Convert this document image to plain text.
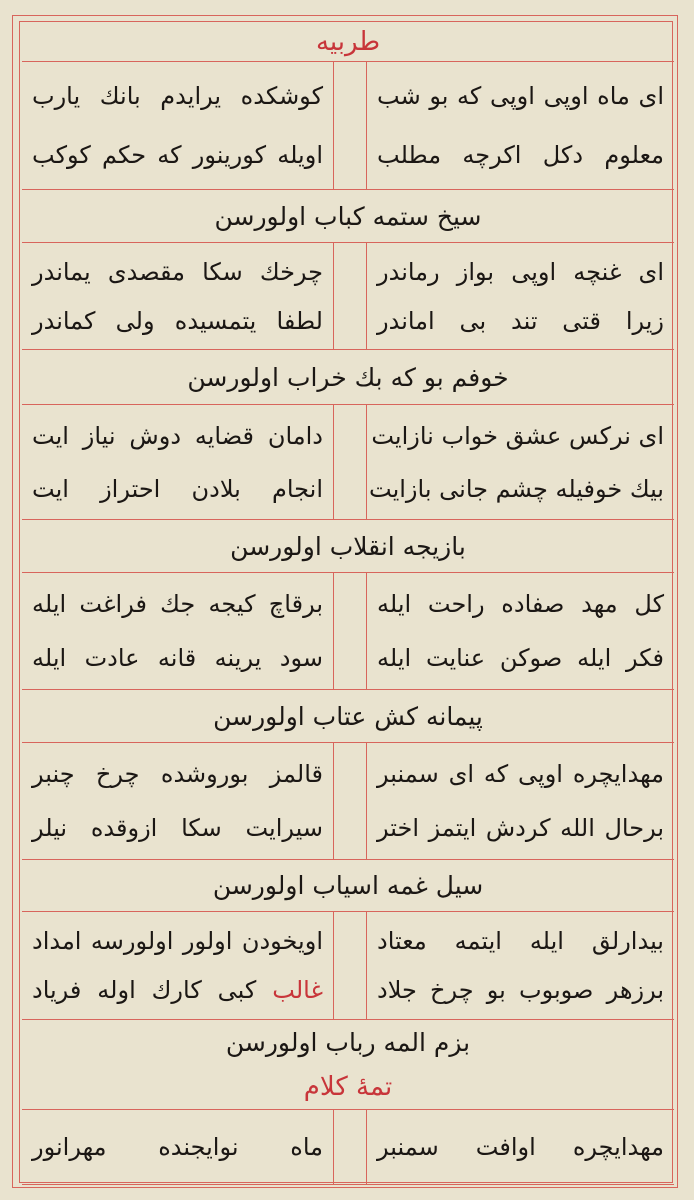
طربیه
ای ماه اوپی اوپی که بو شب
معلوم دکل اکرچه مطلب
کوشکده یرایدم بانك یارب
اویله کورینور که حکم کوکب
سیخ ستمه کباب اولورسن
ای غنچه اوپی بواز رماندر
زیرا قتی تند بی اماندر
چرخك سکا مقصدی یماندر
لطفا یتمسیده ولی کماندر
خوفم بو که بك خراب اولورسن
ای نرکس عشق خواب نازایت
بیك خوفیله چشم جانی بازایت
دامان قضایه دوش نیاز ایت
انجام بلادن احتراز ایت
بازیجه انقلاب اولورسن
کل مهد صفاده راحت ایله
فکر ایله صوکن عنایت ایله
برقاچ کیجه جك فراغت ایله
سود یرینه قانه عادت ایله
پیمانه کش عتاب اولورسن
مهدایچره اوپی که ای سمنبر
برحال الله کردش ایتمز اختر
قالمز بوروشده چرخ چنبر
سیرایت سکا ازوقده نیلر
سیل غمه اسیاب اولورسن
بیدارلق ایله ایتمه معتاد
برزهر صوبوب بو چرخ جلاد
اویخودن اولور اولورسه امداد
غالب کبی کارك اوله فریاد
بزم المه رباب اولورسن
تمهٔ کلام
مهدایچره اوافت سمنبر
ماه نوایجنده مهرانور
